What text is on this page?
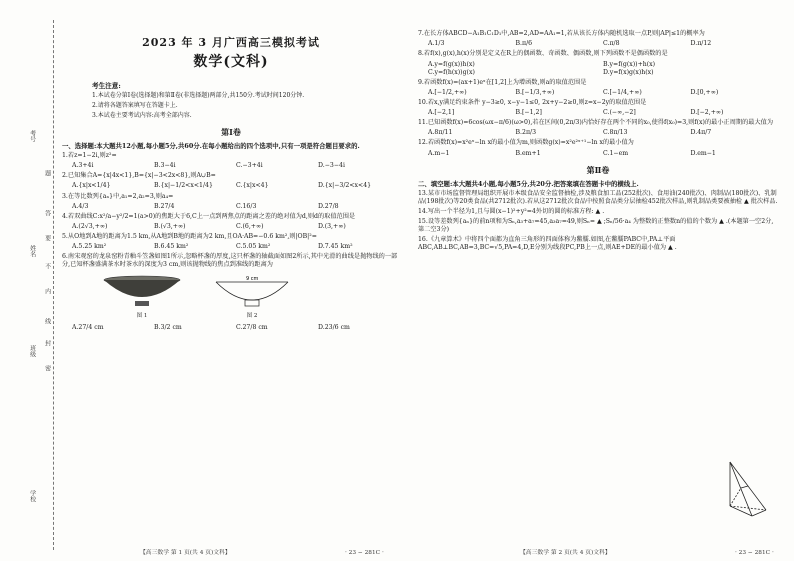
考号
姓名
班级
学校
题
答
要
不
内
线
封
密
2023 年 3 月广西高三模拟考试
数学(文科)
考生注意:
1.本试卷分第Ⅰ卷(选择题)和第Ⅱ卷(非选择题)两部分,共150分.考试时间120分钟.
2.请将各题答案填写在答题卡上.
3.本试卷主要考试内容:高考全部内容.
第Ⅰ卷
一、选择题:本大题共12小题,每小题5分,共60分.在每小题给出的四个选项中,只有一项是符合题目要求的.
1.若z=1−2i,则z²=
A.3+4i	B.3−4i	C.−3+4i	D.−3−4i
2.已知集合A={x|4x<1},B={x|−3<2x<8},则A∪B=
A.{x|x<1/4}	B.{x|−1/2<x<1/4}	C.{x|x<4}	D.{x|−3/2<x<4}
3.在等比数列{aₙ}中,a₁=2,a₂=3,则a₄=
A.4/3	B.27/4	C.16/3	D.27/8
4.若双曲线C:x²/a−y²/2=1(a>0)的焦距大于6,C上一点到两焦点的距离之差的绝对值为d,则d的取值范围是
A.(2√3,+∞)	B.(√3,+∞)	C.(6,+∞)	D.(3,+∞)
5.从O地到A地的距离为1.5 km,从A地到B地的距离为2 km,且OA·AB=−0.6 km²,则|OB|²=
A.5.25 km²	B.6.45 km²	C.5.05 km²	D.7.45 km²
6.南宋观窑的龙泉窑粉青釉斗笠盏如图1所示,忽略杯盏的厚度,这只杯盏的轴截面如图2所示,其中光滑的曲线是抛物线的一部分,已知杯盏盛满茶水时茶水的深度为3 cm,则该抛物线的焦点到准线的距离为
图 1
9 cm
图 2
A.27/4 cm	B.3/2 cm	C.27/8 cm	D.23/6 cm
7.在长方体ABCD−A₁B₁C₁D₁中,AB=2,AD=AA₁=1,若从该长方体内随机选取一点P,则|AP|≤1的概率为
A.1/3	B.π/6	C.π/8	D.π/12
8.若f(x),g(x),h(x)分别是定义在R上的偶函数、奇函数、偶函数,则下列函数不是偶函数的是
A.y=f(g(x))h(x)	B.y=f(g(x))+h(x)
C.y=f(h(x))g(x)	D.y=f(x)g(x)h(x)
9.若函数f(x)=(ax+1)eˣ在[1,2]上为增函数,则a的取值范围是
A.[−1/2,+∞)	B.[−1/3,+∞)	C.[−1/4,+∞)	D.[0,+∞)
10.若x,y满足约束条件 y−3≥0, x−y−1≤0, 2x+y−2≥0,则z=x−2y的取值范围是
A.[−2,1]	B.[−1,2]	C.(−∞,−2]	D.[−2,+∞)
11.已知函数f(x)=6cos(ωx−π/6)(ω>0),若在区间(0,2π/3)内恰好存在两个不同的x₀,使得f(x₀)=3,则f(x)的最小正周期的最大值为
A.8π/11	B.2π/3	C.8π/13	D.4π/7
12.若函数f(x)=x²eˣ−ln x的最小值为m,则函数g(x)=x²e²ˣ⁺¹−ln x的最小值为
A.m−1	B.em+1	C.1−em	D.em−1
第Ⅱ卷
二、填空题:本大题共4小题,每小题5分,共20分.把答案填在答题卡中的横线上.
13.某市市场监督管理局组织开展市本级食品安全监督抽检,涉及粮食加工品(252批次)、食用油(240批次)、肉制品(180批次)、乳制品(198批次)等20类食品(共2712批次).若从这2712批次食品中按照食品类分层抽检452批次样品,则乳制品类要被抽检 ▲ 批次样品.
14.写出一个半径为1,且与圆(x−1)²+y²=4外切的圆的标准方程: ▲ .
15.设等差数列{aₙ}的前n项和为Sₙ,a₃+a₇=45,a₃a₇=49,则Sₙ= ▲ ;Sₙ/56·a₄ 为整数的正整数n的值的个数为 ▲ .(本题第一空2分,第二空3分)
16.《九章算术》中将四个面都为直角三角形的四面体称为鳖臑.如图,在鳖臑PABC中,PA⊥平面ABC,AB⊥BC,AB=3,BC=√5,PA=4,D,E分别为线段PC,PB上一点,则AE+DE的最小值为 ▲ .
【高三数学 第 1 页(共 4 页)文科】	· 23 − 281C ·	【高三数学 第 2 页(共 4 页)文科】	· 23 − 281C ·
